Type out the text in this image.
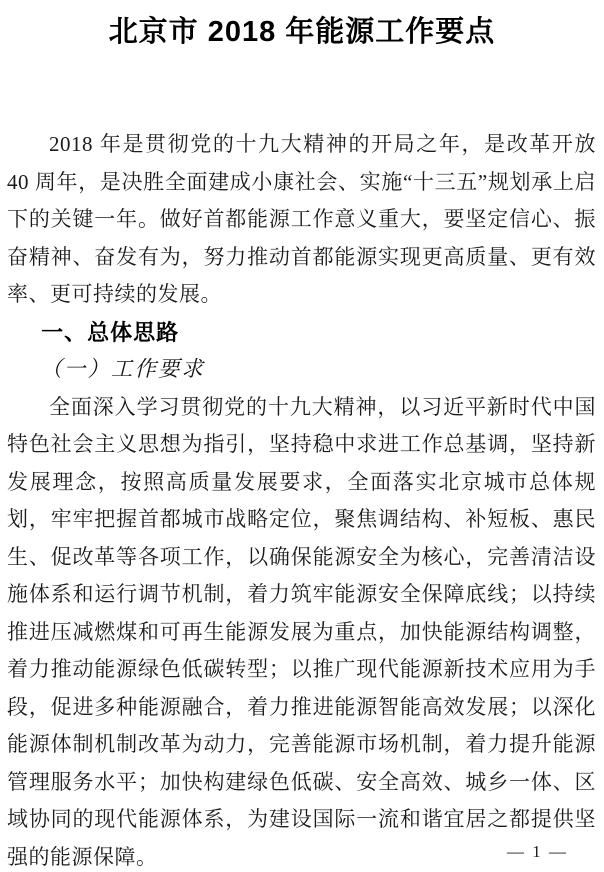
北京市 2018 年能源工作要点

2018 年是贯彻党的十九大精神的开局之年，是改革开放 40 周年，是决胜全面建成小康社会、实施“十三五”规划承上启下的关键一年。做好首都能源工作意义重大，要坚定信心、振奋精神、奋发有为，努力推动首都能源实现更高质量、更有效率、更可持续的发展。

一、总体思路
（一）工作要求

全面深入学习贯彻党的十九大精神，以习近平新时代中国特色社会主义思想为指引，坚持稳中求进工作总基调，坚持新发展理念，按照高质量发展要求，全面落实北京城市总体规划，牢牢把握首都城市战略定位，聚焦调结构、补短板、惠民生、促改革等各项工作，以确保能源安全为核心，完善清洁设施体系和运行调节机制，着力筑牢能源安全保障底线；以持续推进压减燃煤和可再生能源发展为重点，加快能源结构调整，着力推动能源绿色低碳转型；以推广现代能源新技术应用为手段，促进多种能源融合，着力推进能源智能高效发展；以深化能源体制机制改革为动力，完善能源市场机制，着力提升能源管理服务水平；加快构建绿色低碳、安全高效、城乡一体、区域协同的现代能源体系，为建设国际一流和谐宜居之都提供坚强的能源保障。	— 1 —
